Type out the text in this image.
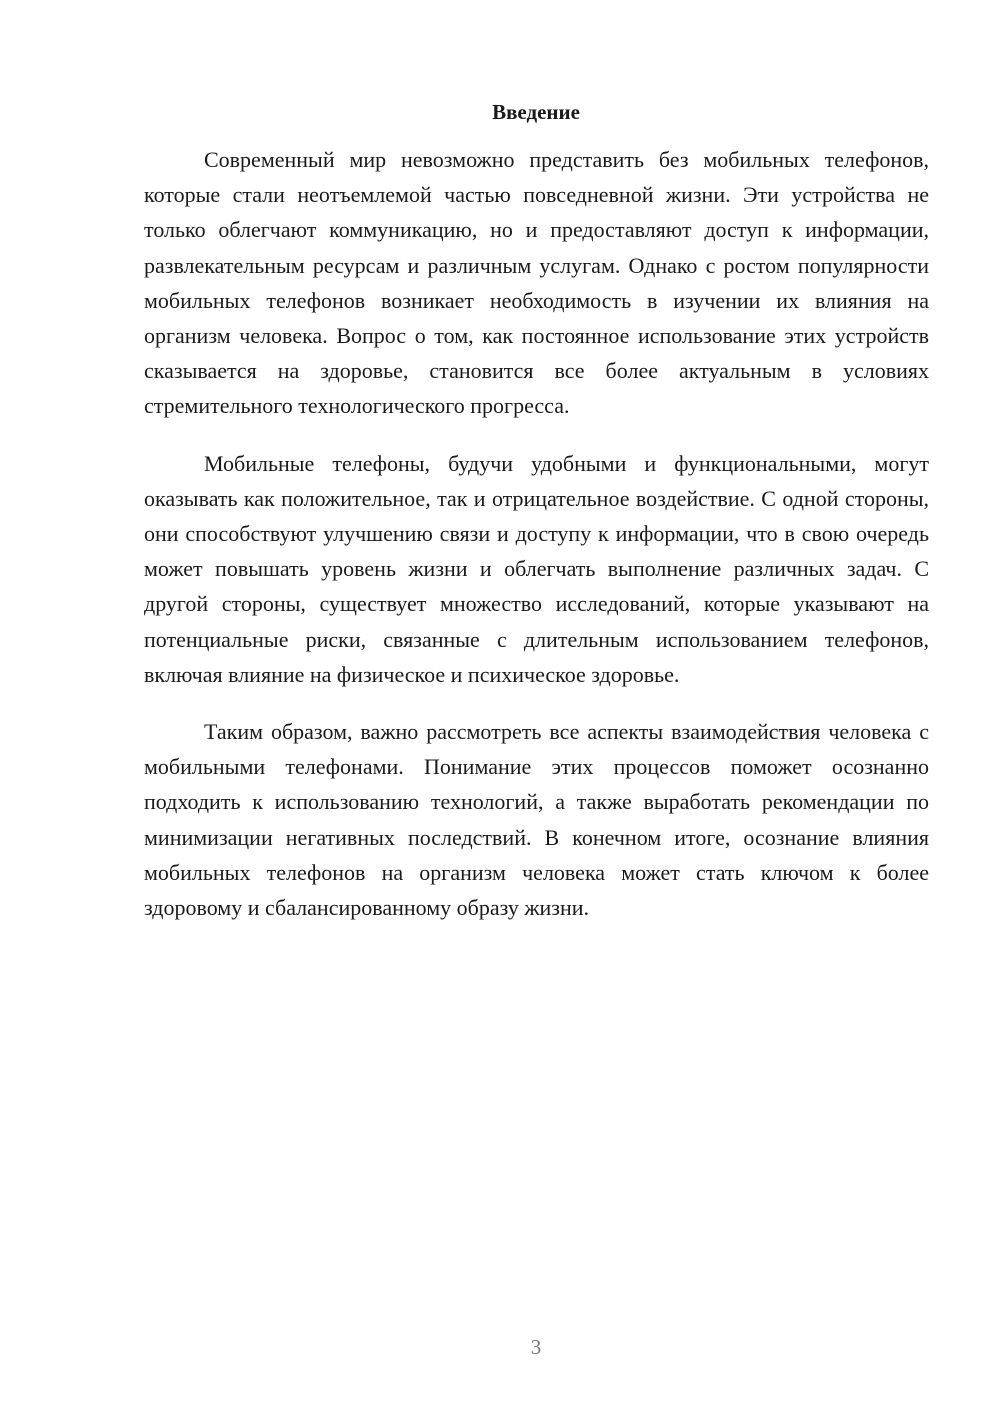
Введение

Современный мир невозможно представить без мобильных телефонов, которые стали неотъемлемой частью повседневной жизни. Эти устройства не только облегчают коммуникацию, но и предоставляют доступ к информации, развлекательным ресурсам и различным услугам. Однако с ростом популярности мобильных телефонов возникает необходимость в изучении их влияния на организм человека. Вопрос о том, как постоянное использование этих устройств сказывается на здоровье, становится все более актуальным в условиях стремительного технологического прогресса.

Мобильные телефоны, будучи удобными и функциональными, могут оказывать как положительное, так и отрицательное воздействие. С одной стороны, они способствуют улучшению связи и доступу к информации, что в свою очередь может повышать уровень жизни и облегчать выполнение различных задач. С другой стороны, существует множество исследований, которые указывают на потенциальные риски, связанные с длительным использованием телефонов, включая влияние на физическое и психическое здоровье.

Таким образом, важно рассмотреть все аспекты взаимодействия человека с мобильными телефонами. Понимание этих процессов поможет осознанно подходить к использованию технологий, а также выработать рекомендации по минимизации негативных последствий. В конечном итоге, осознание влияния мобильных телефонов на организм человека может стать ключом к более здоровому и сбалансированному образу жизни.

3
